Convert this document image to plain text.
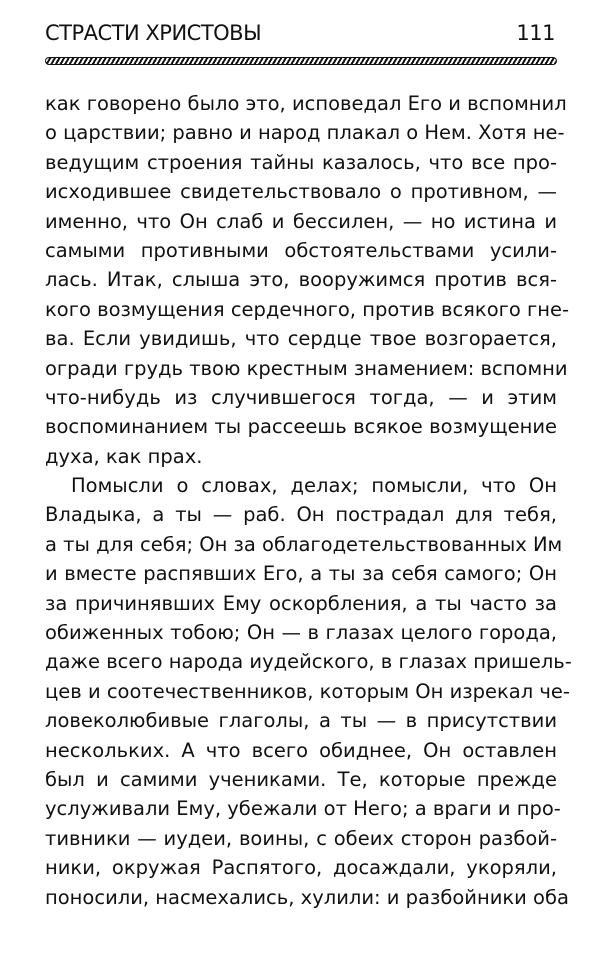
СТРАСТИ ХРИСТОВЫ	111
как говорено было это, исповедал Его и вспомнил
о царствии; равно и народ плакал о Нем. Хотя не-
ведущим строения тайны казалось, что все про-
исходившее свидетельствовало о противном, —
именно, что Он слаб и бессилен, — но истина и
самыми противными обстоятельствами усили-
лась. Итак, слыша это, вооружимся против вся-
кого возмущения сердечного, против всякого гне-
ва. Если увидишь, что сердце твое возгорается,
огради грудь твою крестным знамением: вспомни
что-нибудь из случившегося тогда, — и этим
воспоминанием ты рассеешь всякое возмущение
духа, как прах.
Помысли о словах, делах; помысли, что Он
Владыка, а ты — раб. Он пострадал для тебя,
а ты для себя; Он за облагодетельствованных Им
и вместе распявших Его, а ты за себя самого; Он
за причинявших Ему оскорбления, а ты часто за
обиженных тобою; Он — в глазах целого города,
даже всего народа иудейского, в глазах пришель-
цев и соотечественников, которым Он изрекал че-
ловеколюбивые глаголы, а ты — в присутствии
нескольких. А что всего обиднее, Он оставлен
был и самими учениками. Те, которые прежде
услуживали Ему, убежали от Него; а враги и про-
тивники — иудеи, воины, с обеих сторон разбой-
ники, окружая Распятого, досаждали, укоряли,
поносили, насмехались, хулили: и разбойники оба
